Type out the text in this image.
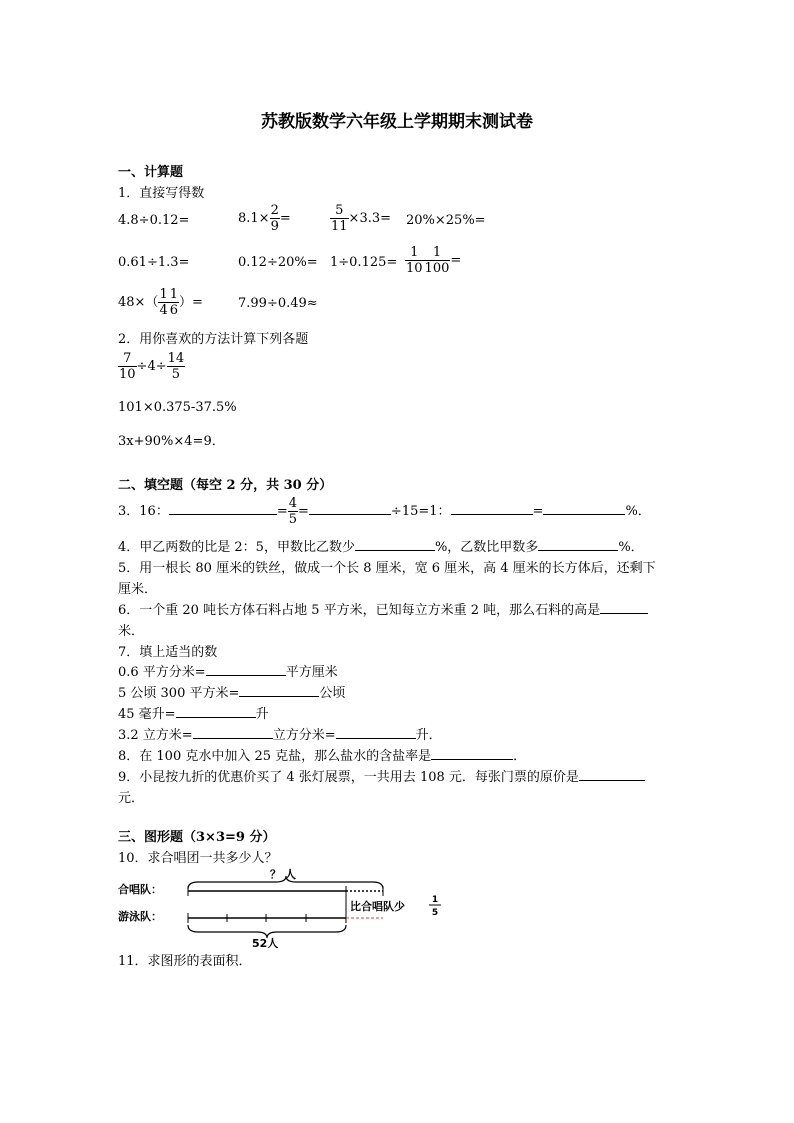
苏教版数学六年级上学期期末测试卷
一、计算题
1．直接写得数
4.8÷0.12=	$8.1\times \frac{2}{9}$ =	$\frac{5}{11} \times 3.3= 20\%\times 25\%=$
0.61÷1.3=	$0.12\div 20\%= 1\div 0.125= \frac{1}{10} \frac{1}{100}$ =
$48\times( \frac{1}{4} \frac{1}{6}$ ）=	7.99÷0.49≈
2．用你喜欢的方法计算下列各题
$\frac{7}{10} \div 4\div \frac{14}{5}$
101×0.375-37.5%
3x+90%×4=9．
二、填空题（每空 2 分，共 30 分）
3．16：	= $\frac{4}{5}$ =	÷15=1：	=	%．
4．甲乙两数的比是 2：5，甲数比乙数少	%，乙数比甲数多	%．
5．用一根长 80 厘米的铁丝，做成一个长 8 厘米，宽 6 厘米，高 4 厘米的长方体后，还剩下
厘米．
6．一个重 20 吨长方体石料占地 5 平方米，已知每立方米重 2 吨，那么石料的高是
米．
7．填上适当的数
0.6 平方分米=	平方厘米
5 公顷 300 平方米=	公顷
45 毫升=	升
3.2 立方米=	立方分米=	升．
8．在 100 克水中加入 25 克盐，那么盐水的含盐率是	．
9．小昆按九折的优惠价买了 4 张灯展票，一共用去 108 元．每张门票的原价是
元．
三、图形题（3×3=9 分）
10．求合唱团一共多少人？
合唱队：
游泳队：
？ 人
比合唱队少	1
5
52人
11．求图形的表面积．
